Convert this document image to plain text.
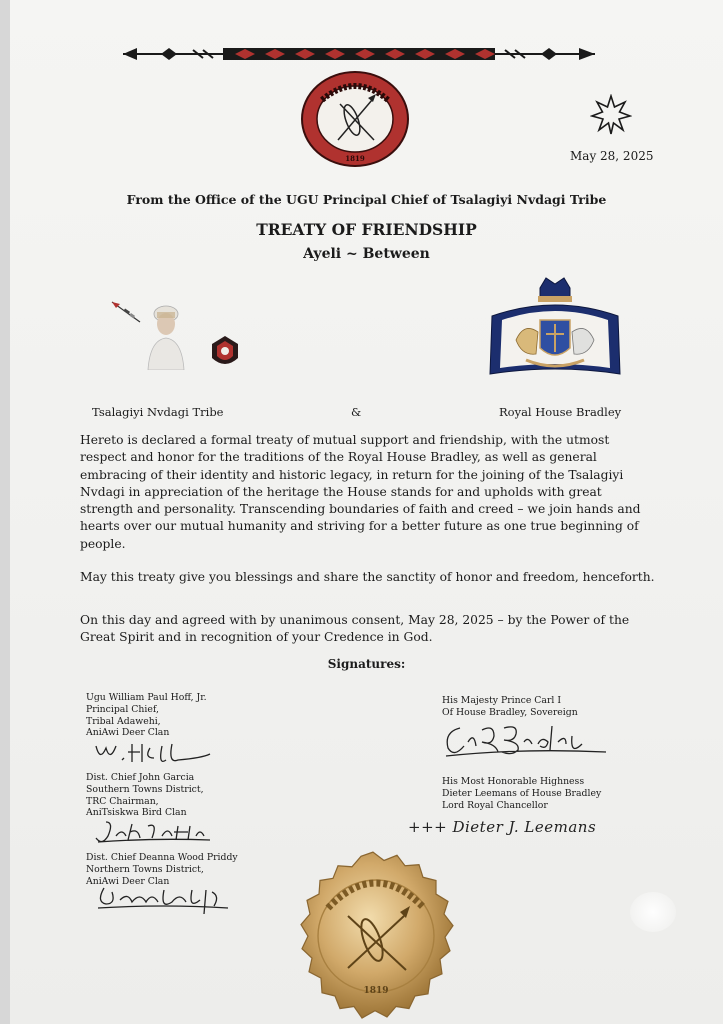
1819	May 28, 2025
From the Office of the UGU Principal Chief of Tsalagiyi Nvdagi Tribe
TREATY OF FRIENDSHIP
Ayeli ~ Between
Tsalagiyi Nvdagi Tribe	&	Royal House Bradley
Hereto is declared a formal treaty of mutual support and friendship, with the utmost respect and honor for the traditions of the Royal House Bradley, as well as general embracing of their identity and historic legacy, in return for the joining of the Tsalagiyi Nvdagi in appreciation of the heritage the House stands for and upholds with great strength and personality. Transcending boundaries of faith and creed – we join hands and hearts over our mutual humanity and striving for a better future as one true beginning of people.
May this treaty give you blessings and share the sanctity of honor and freedom, henceforth.
On this day and agreed with by unanimous consent, May 28, 2025 – by the Power of the Great Spirit and in recognition of your Credence in God.
Signatures:
Ugu William Paul Hoff, Jr.
Principal Chief,
Tribal Adawehi,
AniAwi Deer Clan
Dist. Chief John Garcia
Southern Towns District,
TRC Chairman,
AniTsiskwa Bird Clan
Dist. Chief Deanna Wood Priddy
Northern Towns District,
AniAwi Deer Clan
His Majesty Prince Carl I
Of House Bradley, Sovereign
His Most Honorable Highness
Dieter Leemans of House Bradley
Lord Royal Chancellor
+++ Dieter J. Leemans
1819
